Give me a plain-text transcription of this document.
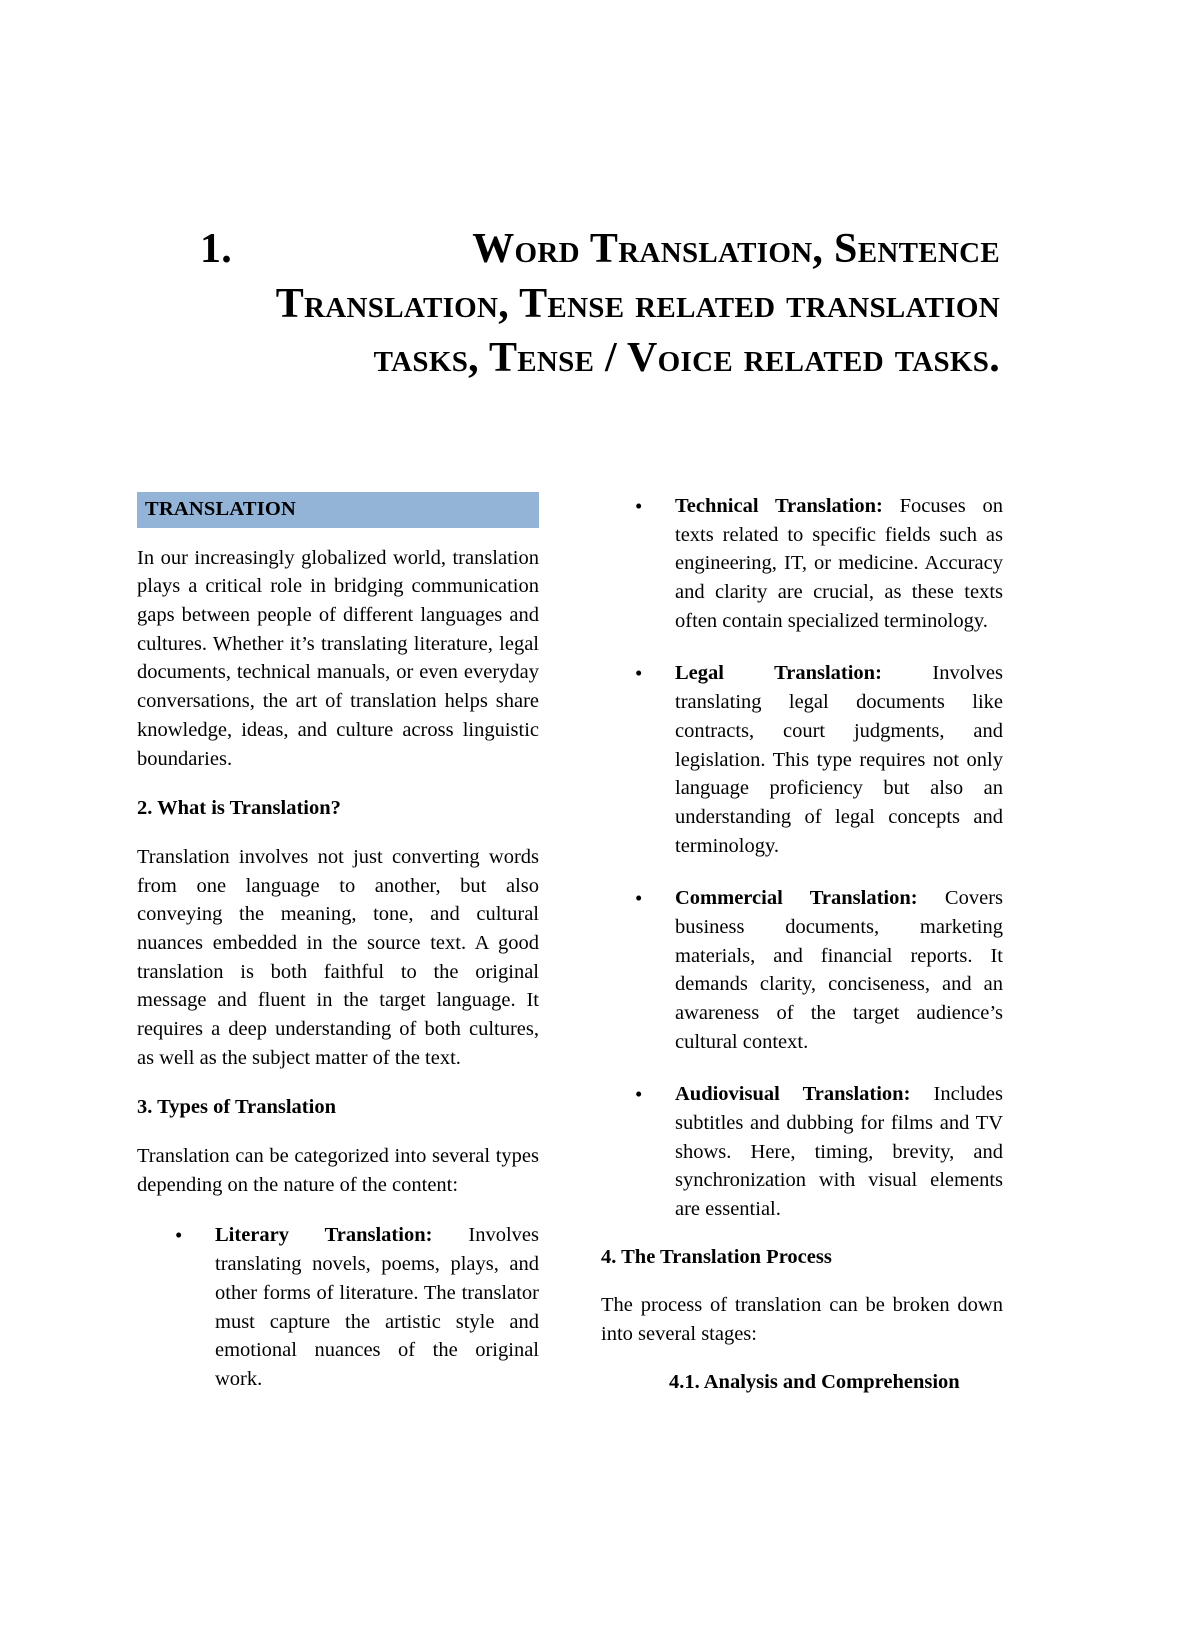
1.	Word Translation, Sentence Translation, Tense related translation tasks, Tense / Voice related tasks.
TRANSLATION

In our increasingly globalized world, translation plays a critical role in bridging communication gaps between people of different languages and cultures. Whether it’s translating literature, legal documents, technical manuals, or even everyday conversations, the art of translation helps share knowledge, ideas, and culture across linguistic boundaries.

2. What is Translation?

Translation involves not just converting words from one language to another, but also conveying the meaning, tone, and cultural nuances embedded in the source text. A good translation is both faithful to the original message and fluent in the target language. It requires a deep understanding of both cultures, as well as the subject matter of the text.

3. Types of Translation

Translation can be categorized into several types depending on the nature of the content:

• Literary Translation: Involves translating novels, poems, plays, and other forms of literature. The translator must capture the artistic style and emotional nuances of the original work.
• Technical Translation: Focuses on texts related to specific fields such as engineering, IT, or medicine. Accuracy and clarity are crucial, as these texts often contain specialized terminology.
• Legal Translation: Involves translating legal documents like contracts, court judgments, and legislation. This type requires not only language proficiency but also an understanding of legal concepts and terminology.
• Commercial Translation: Covers business documents, marketing materials, and financial reports. It demands clarity, conciseness, and an awareness of the target audience’s cultural context.
• Audiovisual Translation: Includes subtitles and dubbing for films and TV shows. Here, timing, brevity, and synchronization with visual elements are essential.
4. The Translation Process

The process of translation can be broken down into several stages:

4.1. Analysis and Comprehension
